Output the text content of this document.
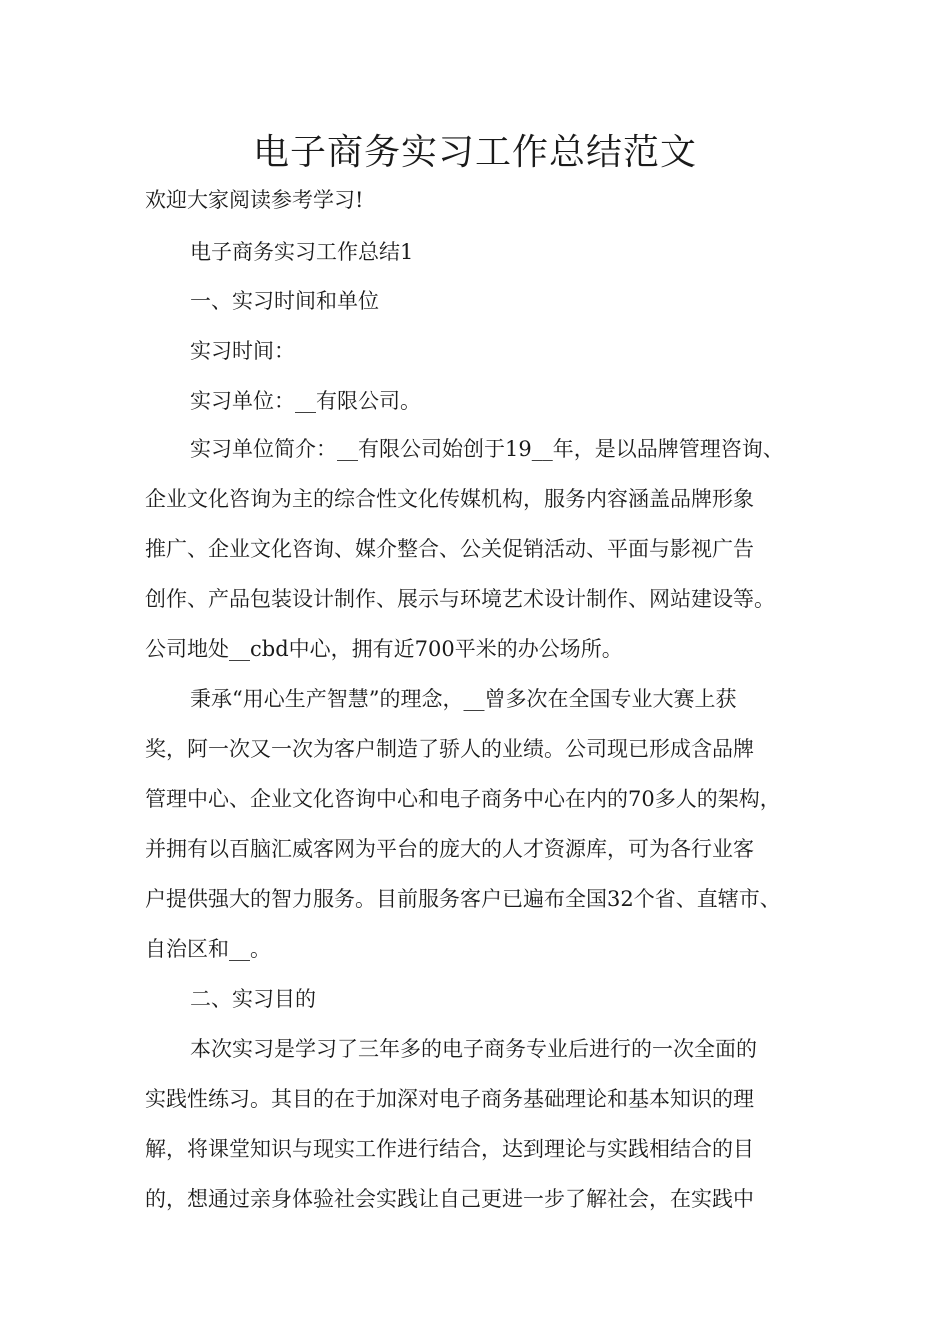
电子商务实习工作总结范文

欢迎大家阅读参考学习!

电子商务实习工作总结1

一、实习时间和单位

实习时间：

实习单位：__有限公司。

实习单位简介：__有限公司始创于19__年，是以品牌管理咨询、

企业文化咨询为主的综合性文化传媒机构，服务内容涵盖品牌形象

推广、企业文化咨询、媒介整合、公关促销活动、平面与影视广告

创作、产品包装设计制作、展示与环境艺术设计制作、网站建设等。

公司地处__cbd中心，拥有近700平米的办公场所。

秉承“用心生产智慧”的理念，__曾多次在全国专业大赛上获

奖，阿一次又一次为客户制造了骄人的业绩。公司现已形成含品牌

管理中心、企业文化咨询中心和电子商务中心在内的70多人的架构，

并拥有以百脑汇威客网为平台的庞大的人才资源库，可为各行业客

户提供强大的智力服务。目前服务客户已遍布全国32个省、直辖市、

自治区和__。

二、实习目的

本次实习是学习了三年多的电子商务专业后进行的一次全面的

实践性练习。其目的在于加深对电子商务基础理论和基本知识的理

解，将课堂知识与现实工作进行结合，达到理论与实践相结合的目

的，想通过亲身体验社会实践让自己更进一步了解社会，在实践中
